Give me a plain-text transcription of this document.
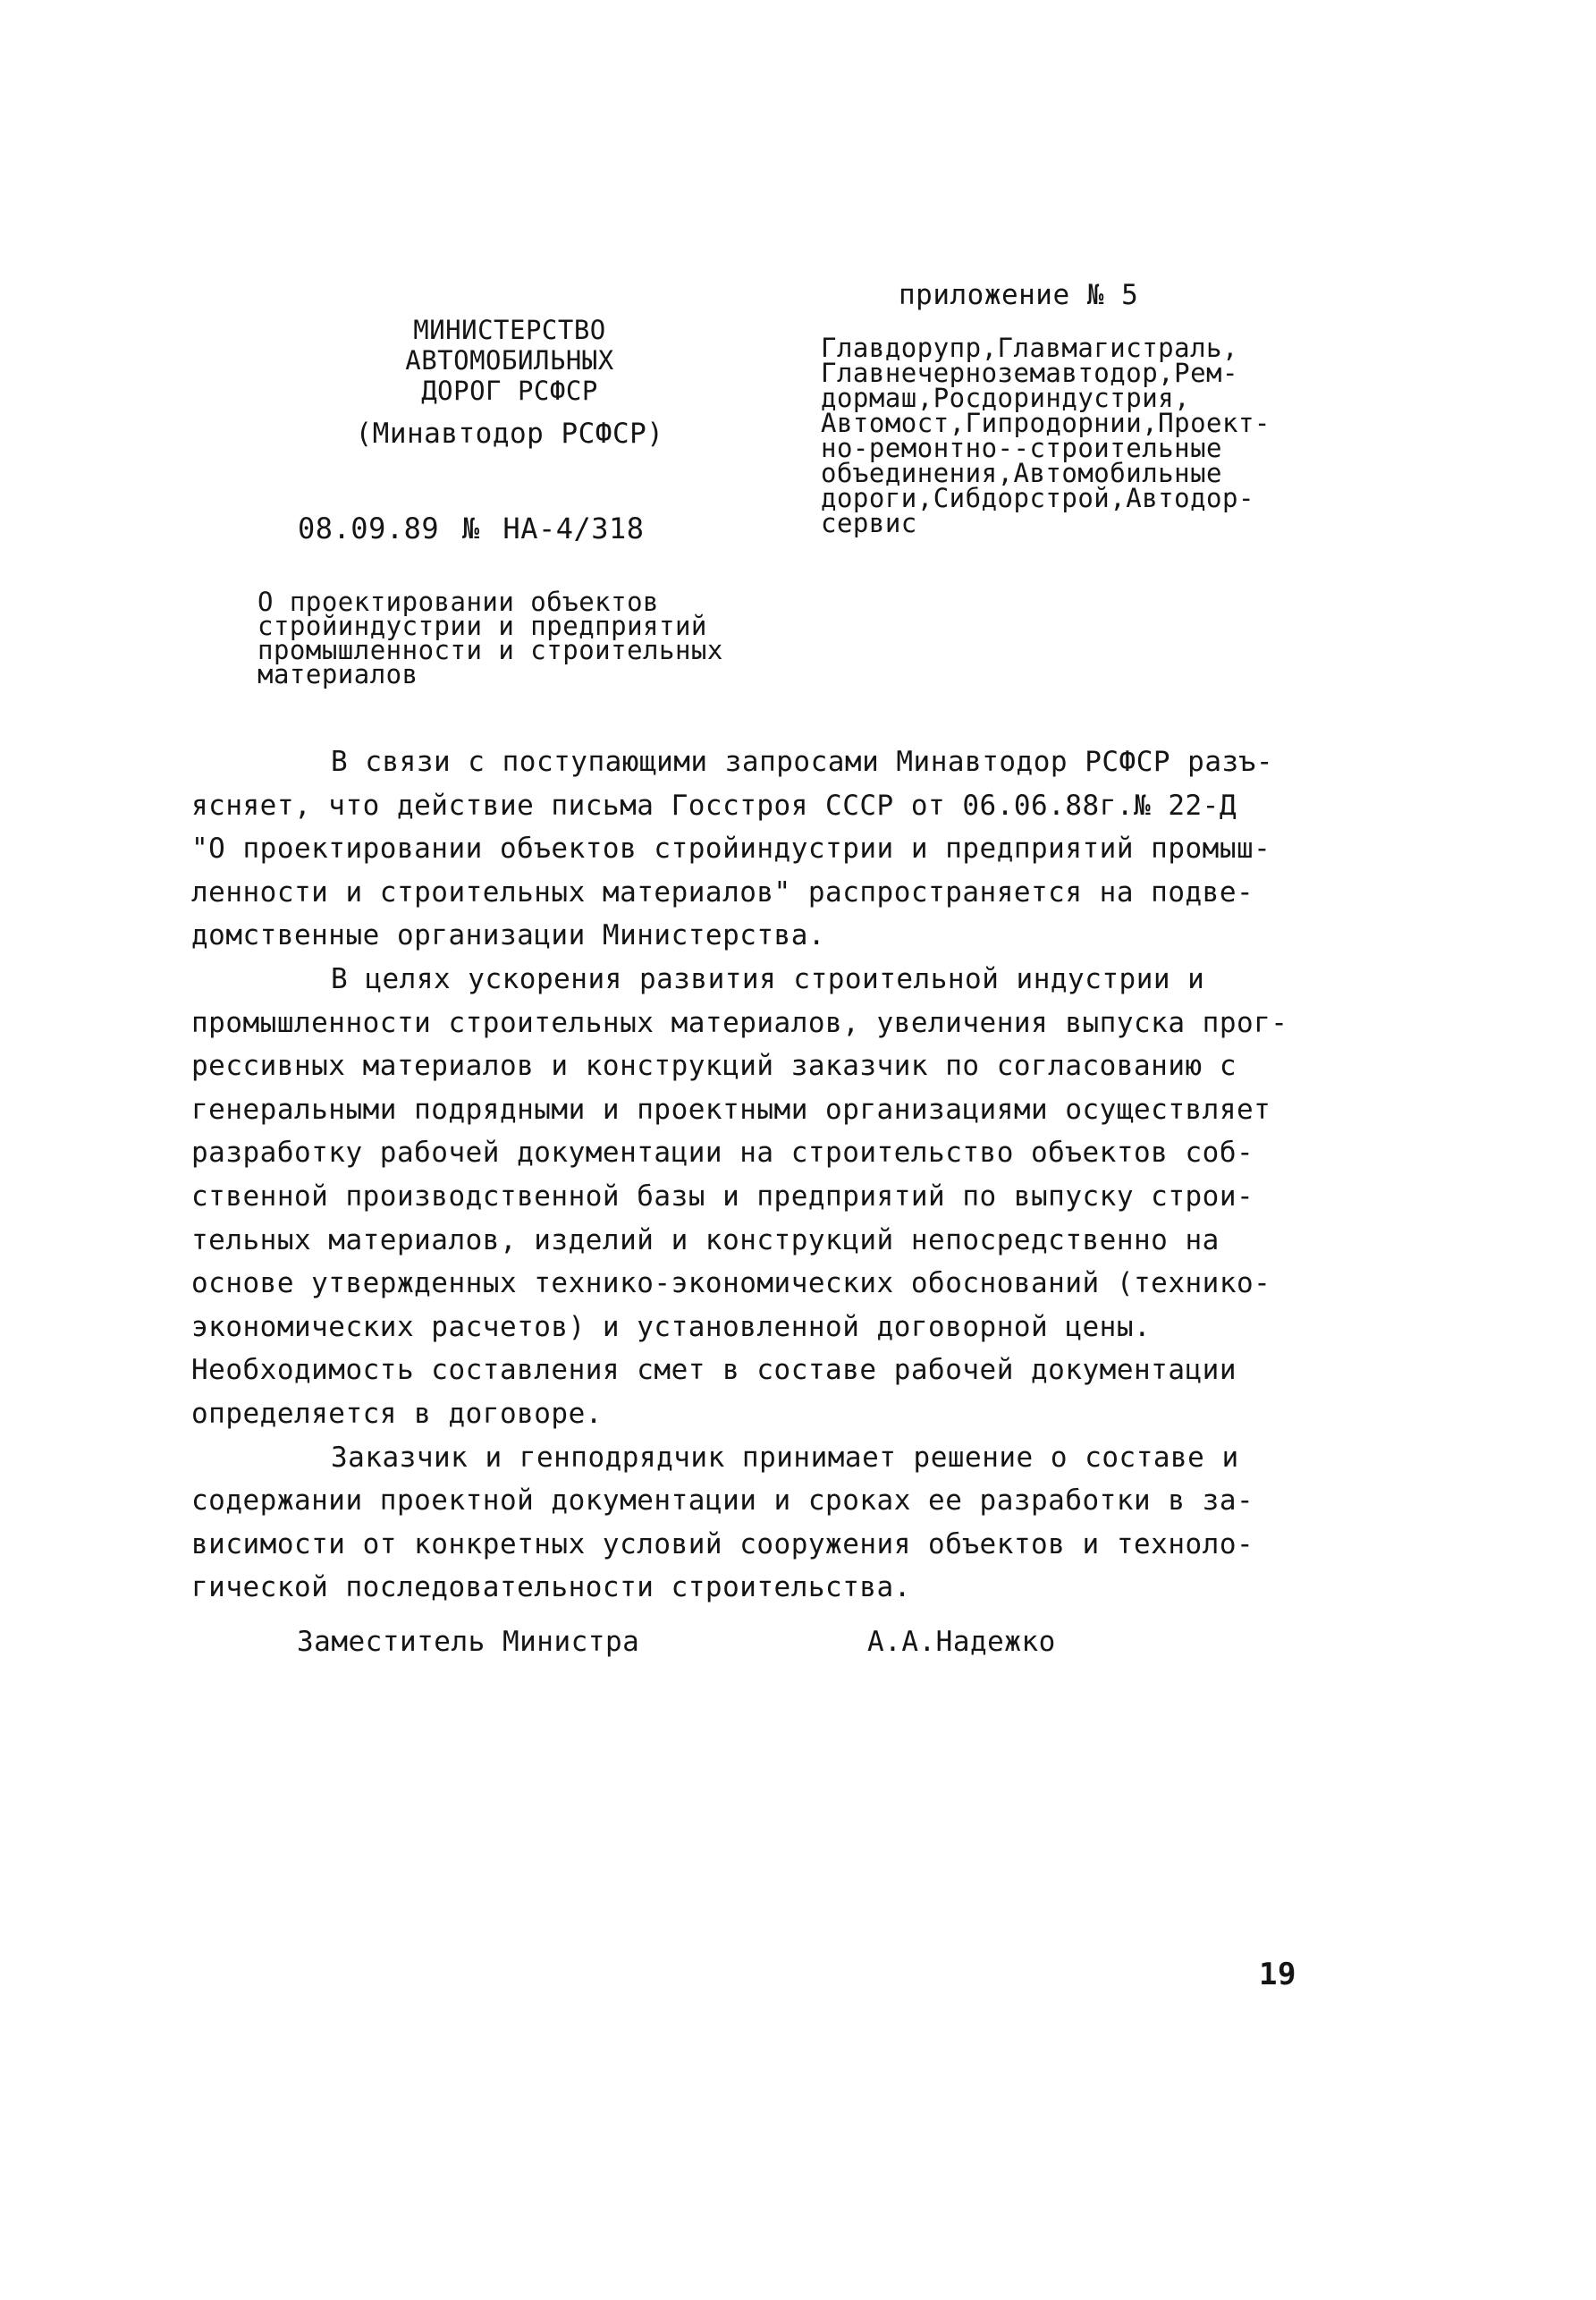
приложение № 5
МИНИСТЕРСТВО
АВТОМОБИЛЬНЫХ
ДОРОГ РСФСР
(Минавтодор РСФСР)
08.09.89 № НА-4/318
О проектировании объектов
стройиндустрии и предприятий
промышленности и строительных
материалов
Главдорупр,Главмагистраль,
Главнечерноземавтодор,Рем-
дормаш,Росдориндустрия,
Автомост,Гипродорнии,Проект-
но-ремонтно--строительные
объединения,Автомобильные
дороги,Сибдорстрой,Автодор-
сервис
В связи с поступающими запросами Минавтодор РСФСР разъ-
ясняет, что действие письма Госстроя СССР от 06.06.88г.№ 22-Д
"О проектировании объектов стройиндустрии и предприятий промыш-
ленности и строительных материалов" распространяется на подве-
домственные организации Министерства.
В целях ускорения развития строительной индустрии и
промышленности строительных материалов, увеличения выпуска прог-
рессивных материалов и конструкций заказчик по согласованию с
генеральными подрядными и проектными организациями осуществляет
разработку рабочей документации на строительство объектов соб-
ственной производственной базы и предприятий по выпуску строи-
тельных материалов, изделий и конструкций непосредственно на
основе утвержденных технико-экономических обоснований (технико-
экономических расчетов) и установленной договорной цены.
Необходимость составления смет в составе рабочей документации
определяется в договоре.
Заказчик и генподрядчик принимает решение о составе и
содержании проектной документации и сроках ее разработки в за-
висимости от конкретных условий сооружения объектов и техноло-
гической последовательности строительства.
Заместитель Министра	А.А.Надежко
19
